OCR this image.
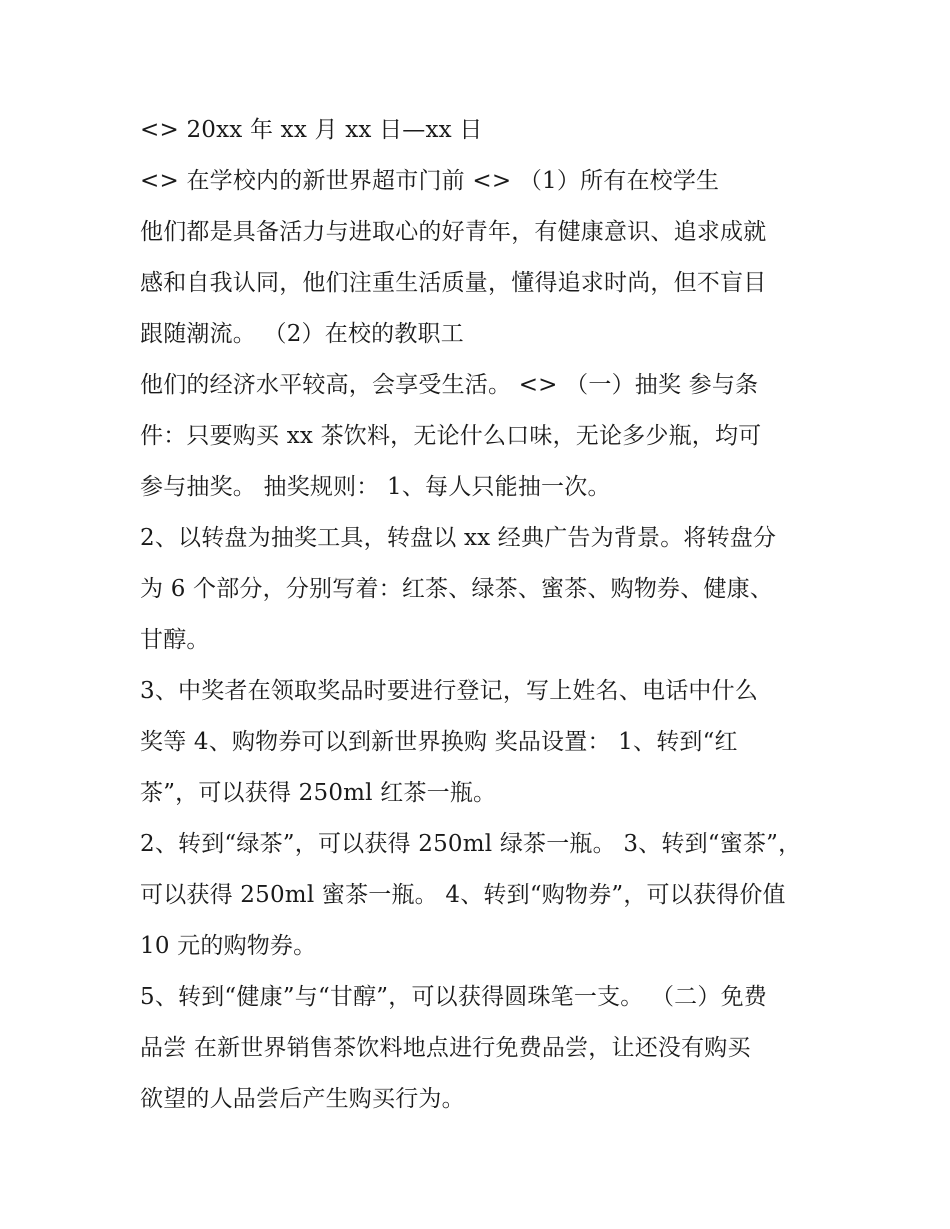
<> 20xx 年 xx 月 xx 日—xx 日
<> 在学校内的新世界超市门前 <> （1）所有在校学生
他们都是具备活力与进取心的好青年，有健康意识、追求成就
感和自我认同，他们注重生活质量，懂得追求时尚，但不盲目
跟随潮流。 （2）在校的教职工
他们的经济水平较高，会享受生活。 <> （一）抽奖 参与条
件：只要购买 xx 茶饮料，无论什么口味，无论多少瓶，均可
参与抽奖。 抽奖规则： 1、每人只能抽一次。
2、以转盘为抽奖工具，转盘以 xx 经典广告为背景。将转盘分
为 6 个部分，分别写着：红茶、绿茶、蜜茶、购物券、健康、
甘醇。
3、中奖者在领取奖品时要进行登记，写上姓名、电话中什么
奖等 4、购物券可以到新世界换购 奖品设置： 1、转到“红
茶”，可以获得 250ml 红茶一瓶。
2、转到“绿茶”，可以获得 250ml 绿茶一瓶。 3、转到“蜜茶”，
可以获得 250ml 蜜茶一瓶。 4、转到“购物券”，可以获得价值
10 元的购物券。
5、转到“健康”与“甘醇”，可以获得圆珠笔一支。 （二）免费
品尝 在新世界销售茶饮料地点进行免费品尝，让还没有购买
欲望的人品尝后产生购买行为。
